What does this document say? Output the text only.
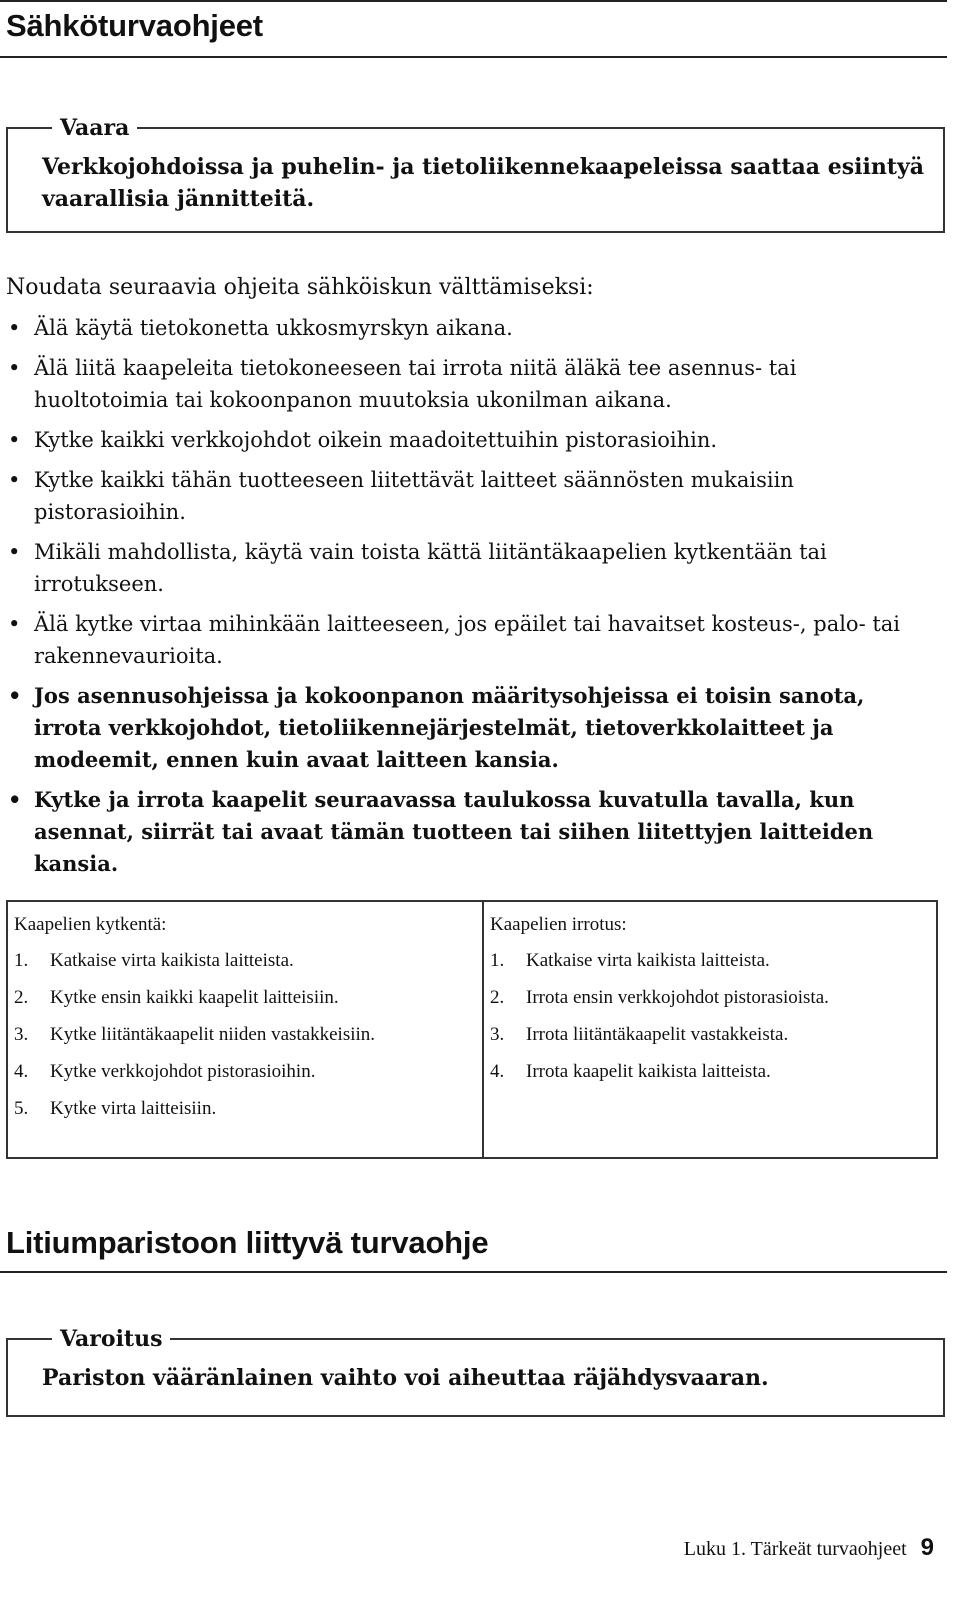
Sähköturvaohjeet
Vaara
Verkkojohdoissa ja puhelin- ja tietoliikennekaapeleissa saattaa esiintyä
vaarallisia jännitteitä.
Noudata seuraavia ohjeita sähköiskun välttämiseksi:
• Älä käytä tietokonetta ukkosmyrskyn aikana.
• Älä liitä kaapeleita tietokoneeseen tai irrota niitä äläkä tee asennus- tai huoltotoimia tai kokoonpanon muutoksia ukonilman aikana.
• Kytke kaikki verkkojohdot oikein maadoitettuihin pistorasioihin.
• Kytke kaikki tähän tuotteeseen liitettävät laitteet säännösten mukaisiin pistorasioihin.
• Mikäli mahdollista, käytä vain toista kättä liitäntäkaapelien kytkentään tai irrotukseen.
• Älä kytke virtaa mihinkään laitteeseen, jos epäilet tai havaitset kosteus-, palo- tai rakennevaurioita.
• Jos asennusohjeissa ja kokoonpanon määritysohjeissa ei toisin sanota, irrota verkkojohdot, tietoliikennejärjestelmät, tietoverkkolaitteet ja modeemit, ennen kuin avaat laitteen kansia.
• Kytke ja irrota kaapelit seuraavassa taulukossa kuvatulla tavalla, kun asennat, siirrät tai avaat tämän tuotteen tai siihen liitettyjen laitteiden kansia.
Kaapelien kytkentä:
1. Katkaise virta kaikista laitteista.
2. Kytke ensin kaikki kaapelit laitteisiin.
3. Kytke liitäntäkaapelit niiden vastakkeisiin.
4. Kytke verkkojohdot pistorasioihin.
5. Kytke virta laitteisiin.
Kaapelien irrotus:
1. Katkaise virta kaikista laitteista.
2. Irrota ensin verkkojohdot pistorasioista.
3. Irrota liitäntäkaapelit vastakkeista.
4. Irrota kaapelit kaikista laitteista.
Litiumparistoon liittyvä turvaohje
Varoitus
Pariston vääränlainen vaihto voi aiheuttaa räjähdysvaaran.
Luku 1. Tärkeät turvaohjeet 9
